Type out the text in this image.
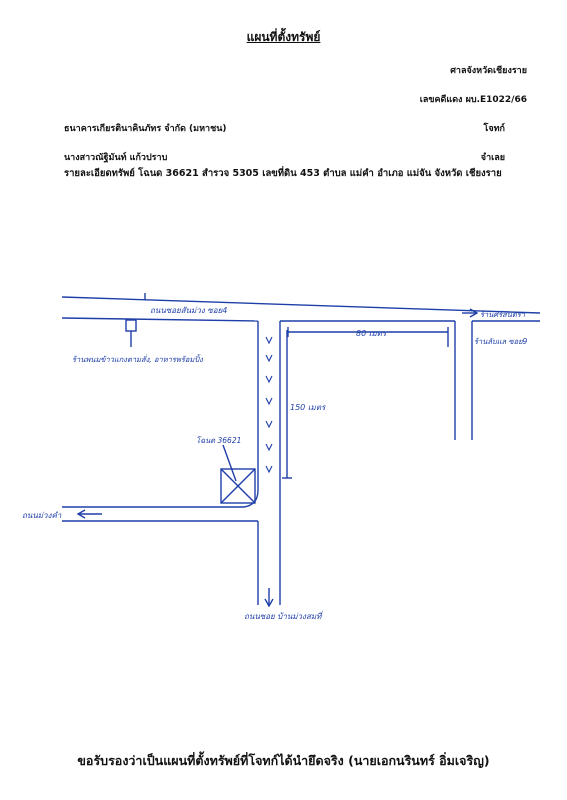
แผนที่ตั้งทรัพย์
ศาลจังหวัดเชียงราย
เลขคดีแดง ผบ.E1022/66
ธนาคารเกียรตินาคินภัทร จำกัด (มหาชน)	โจทก์
นางสาวณัฐิมันท์ แก้วปราบ	จำเลย
รายละเอียดทรัพย์ โฉนด 36621 สำรวจ 5305 เลขที่ดิน 453 ตำบล แม่คำ อำเภอ แม่จัน จังหวัด เชียงราย
ถนนซอยสันม่วง ซอย4	ร้านศรีสันตรา
ร้านพนมข้าวแกงตามสั่ง, อาหารพร้อมปิ้ง
80 เมตร
ร้านลับแล ซอย9
150 เมตร
โฉนด 36621
ถนนม่วงคำ
ถนนซอย บ้านม่วงสมที่
ขอรับรองว่าเป็นแผนที่ตั้งทรัพย์ที่โจทก์ได้นำยึดจริง (นายเอกนรินทร์ อิ่มเจริญ)
